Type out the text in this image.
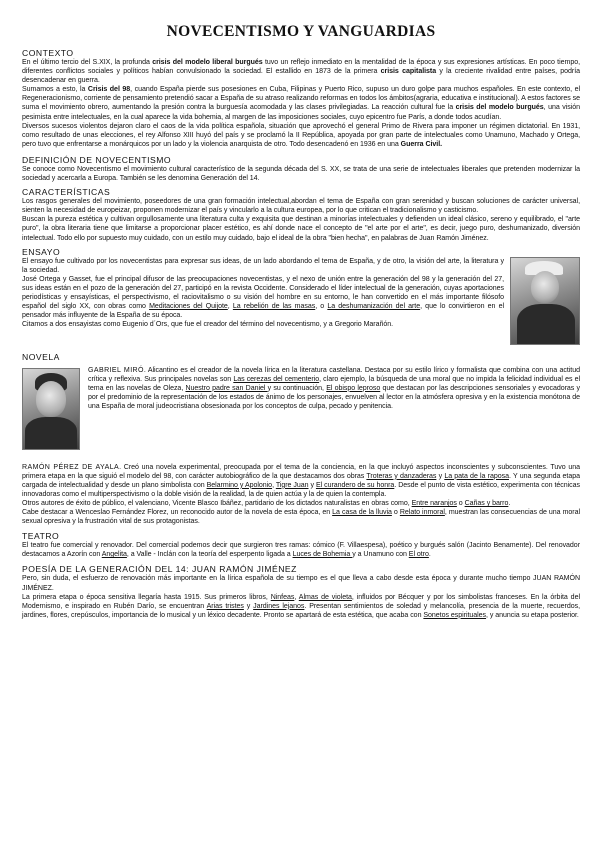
NOVECENTISMO Y VANGUARDIAS
CONTEXTO

En el último tercio del S.XIX, la profunda crisis del modelo liberal burgués tuvo un reflejo inmediato en la mentalidad de la época y sus expresiones artísticas. En poco tiempo, diferentes conflictos sociales y políticos habían convulsionado la sociedad. El estallido en 1873 de la primera crisis capitalista y la creciente rivalidad entre países, podría desencadenar en guerra.

Sumamos a esto, la Crisis del 98, cuando España pierde sus posesiones en Cuba, Filipinas y Puerto Rico, supuso un duro golpe para muchos españoles. En este contexto, el Regeneracionismo, corriente de pensamiento pretendió sacar a España de su atraso realizando reformas en todos los ámbitos(agraria, educativa e institucional). A estos factores se suma el movimiento obrero, aumentando la presión contra la burguesía acomodada y las clases privilegiadas. La reacción cultural fue la crisis del modelo burgués, una visión pesimista entre intelectuales, en la cual aparece la vida bohemia, al margen de las imposiciones sociales, cuyo epicentro fue París, a donde todos acudían.

Diversos sucesos violentos dejaron claro el caos de la vida política española, situación que aprovechó el general Primo de Rivera para imponer un régimen dictatorial. En 1931, como resultado de unas elecciones, el rey Alfonso XIII huyó del país y se proclamó la II República, apoyada por gran parte de intelectuales como Unamuno, Machado y Ortega, pero tuvo que enfrentarse a monárquicos por un lado y la violencia anarquista de otro. Todo desencadenó en 1936 en una Guerra Civil.

DEFINICIÓN DE NOVECENTISMO

Se conoce como Novecentismo el movimiento cultural característico de la segunda década del S. XX, se trata de una serie de intelectuales liberales que pretenden modernizar la sociedad y acercarla a Europa. También se les denomina Generación del 14.

CARACTERÍSTICAS

Los rasgos generales del movimiento, poseedores de una gran formación intelectual,abordan el tema de España con gran serenidad y buscan soluciones de carácter universal, sienten la necesidad de europeizar, proponen modernizar el país y vincularlo a la cultura europea, por lo que critican el tradicionalismo y casticismo.

Buscan la pureza estética y cultivan orgullosamente una literatura culta y exquisita que destinan a minorías intelectuales y defienden un ideal clásico, sereno y equilibrado, el "arte puro", la obra literaria tiene que limitarse a proporcionar placer estético, es ahí donde nace el concepto de "el arte por el arte", es decir, juego puro, deshumanizado, diversión intelectual. Todo ello por supuesto muy cuidado, con un estilo muy cuidado, bajo el ideal de la obra "bien hecha", en palabras de Juan Ramón Jiménez.

ENSAYO

El ensayo fue cultivado por los novecentistas para expresar sus ideas, de un lado abordando el tema de España, y de otro, la visión del arte, la literatura y la sociedad.

José Ortega y Gasset, fue el principal difusor de las preocupaciones novecentistas, y el nexo de unión entre la generación del 98 y la generación del 27, sus ideas están en el pozo de la generación del 27, participó en la revista Occidente. Considerado el líder intelectual de la generación, cuyas aportaciones periodísticas y ensayísticas, el perspectivismo, el raciovitalismo o su visión del hombre en su entorno, le han convertido en el más importante filósofo español del siglo XX, con obras como Meditaciones del Quijote, La rebelión de las masas, o La deshumanización del arte, que lo convirtieron en el pensador más influyente de la España de su época.

Citamos a dos ensayistas como Eugenio d´Ors, que fue el creador del término del novecentismo, y a Gregorio Marañón.

NOVELA

GABRIEL MIRÓ. Alicantino es el creador de la novela lírica en la literatura castellana. Destaca por su estilo lírico y formalista que combina con una actitud crítica y reflexiva. Sus principales novelas son Las cerezas del cementerio, claro ejemplo, la búsqueda de una moral que no impida la felicidad individual es el tema en las novelas de Oleza, Nuestro padre san Daniel y su continuación, El obispo leproso que destacan por las descripciones sensoriales y evocadoras y por el predominio de la representación de los estados de ánimo de los personajes, envuelven al lector en la atmósfera opresiva y en la existencia monótona de una España de moral judeocristiana obsesionada por los conceptos de culpa, pecado y penitencia.

RAMÓN PÉREZ DE AYALA. Creó una novela experimental, preocupada por el tema de la conciencia, en la que incluyó aspectos inconscientes y subconscientes. Tuvo una primera etapa en la que siguió el modelo del 98, con carácter autobiográfico de la que destacamos dos obras Troteras y danzaderas y La pata de la raposa. Y una segunda etapa cargada de intelectualidad y desde un plano simbolista con Belarmino y Apolonio, Tigre Juan y El curandero de su honra. Desde el punto de vista estético, experimenta con técnicas innovadoras como el multiperspectivismo o la doble visión de la realidad, la de quien actúa y la de quien la contempla.

Otros autores de éxito de público, el valenciano, Vicente Blasco Ibáñez, partidario de los dictados naturalistas en obras como, Entre naranjos o Cañas y barro.

Cabe destacar a Wenceslao Fernández Florez, un reconocido autor de la novela de esta época, en La casa de la lluvia o Relato inmoral, muestran las consecuencias de una moral sexual opresiva y la frustración vital de sus protagonistas.

TEATRO

El teatro fue comercial y renovador. Del comercial podemos decir que surgieron tres ramas: cómico (F. Villaespesa), poético y burgués salón (Jacinto Benamente). Del renovador destacamos a Azorín con Angelita, a Valle - Inclán con la teoría del esperpento ligada a Luces de Bohemia y a Unamuno con El otro.

POESÍA DE LA GENERACIÓN DEL 14: JUAN RAMÓN JIMÉNEZ

Pero, sin duda, el esfuerzo de renovación más importante en la lírica española de su tiempo es el que lleva a cabo desde esta época y durante mucho tiempo JUAN RAMÓN JIMÉNEZ.

La primera etapa o época sensitiva llegaría hasta 1915. Sus primeros libros, Ninfeas, Almas de violeta, influidos por Bécquer y por los simbolistas franceses. En la órbita del Modernismo, e inspirado en Rubén Darío, se encuentran Arias tristes y Jardines lejanos. Presentan sentimientos de soledad y melancolía, presencia de la muerte, recuerdos, jardines, flores, crepúsculos, importancia de lo musical y un léxico decadente. Pronto se apartará de esta estética, que acaba con Sonetos espirituales, y anuncia su etapa posterior.
